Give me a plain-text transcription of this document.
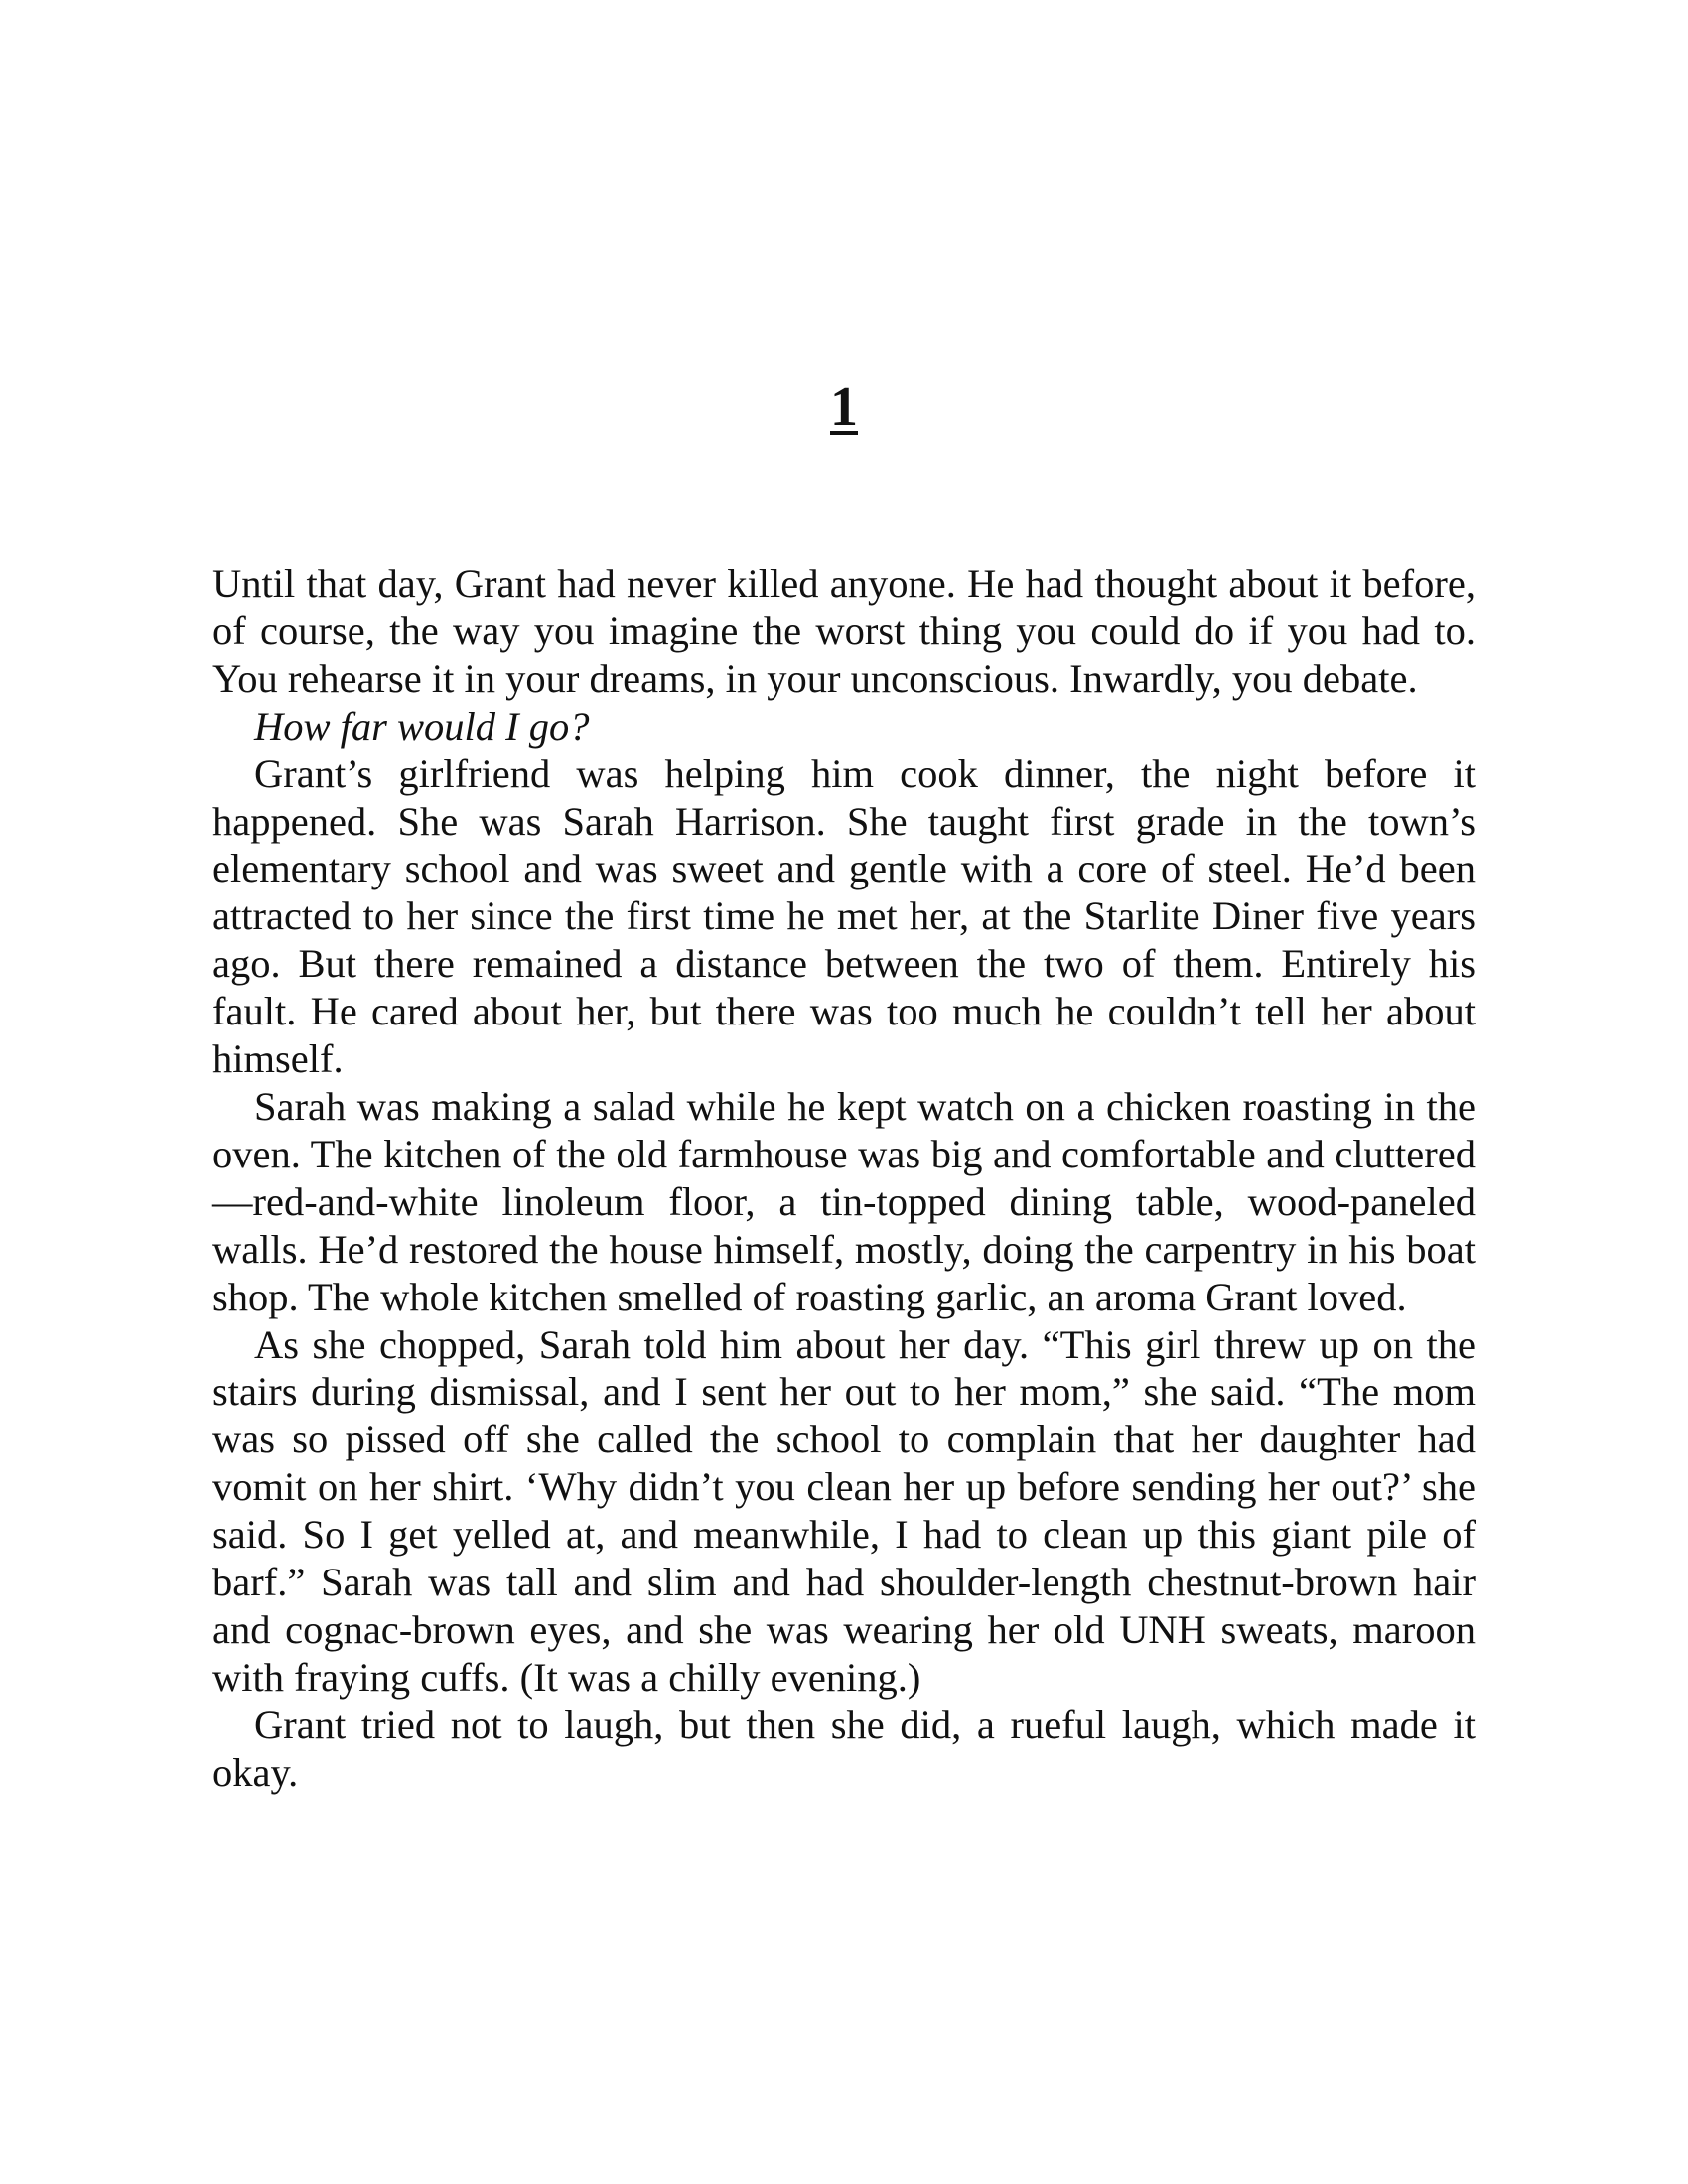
1

Until that day, Grant had never killed anyone. He had thought about it before, of course, the way you imagine the worst thing you could do if you had to. You rehearse it in your dreams, in your unconscious. Inwardly, you debate.

How far would I go?

Grant’s girlfriend was helping him cook dinner, the night before it happened. She was Sarah Harrison. She taught first grade in the town’s elementary school and was sweet and gentle with a core of steel. He’d been attracted to her since the first time he met her, at the Starlite Diner five years ago. But there remained a distance between the two of them. Entirely his fault. He cared about her, but there was too much he couldn’t tell her about himself.

Sarah was making a salad while he kept watch on a chicken roasting in the oven. The kitchen of the old farmhouse was big and comfortable and cluttered—red-and-white linoleum floor, a tin-topped dining table, wood-paneled walls. He’d restored the house himself, mostly, doing the carpentry in his boat shop. The whole kitchen smelled of roasting garlic, an aroma Grant loved.

As she chopped, Sarah told him about her day. “This girl threw up on the stairs during dismissal, and I sent her out to her mom,” she said. “The mom was so pissed off she called the school to complain that her daughter had vomit on her shirt. ‘Why didn’t you clean her up before sending her out?’ she said. So I get yelled at, and meanwhile, I had to clean up this giant pile of barf.” Sarah was tall and slim and had shoulder-length chestnut-brown hair and cognac-brown eyes, and she was wearing her old UNH sweats, maroon with fraying cuffs. (It was a chilly evening.)

Grant tried not to laugh, but then she did, a rueful laugh, which made it okay.
